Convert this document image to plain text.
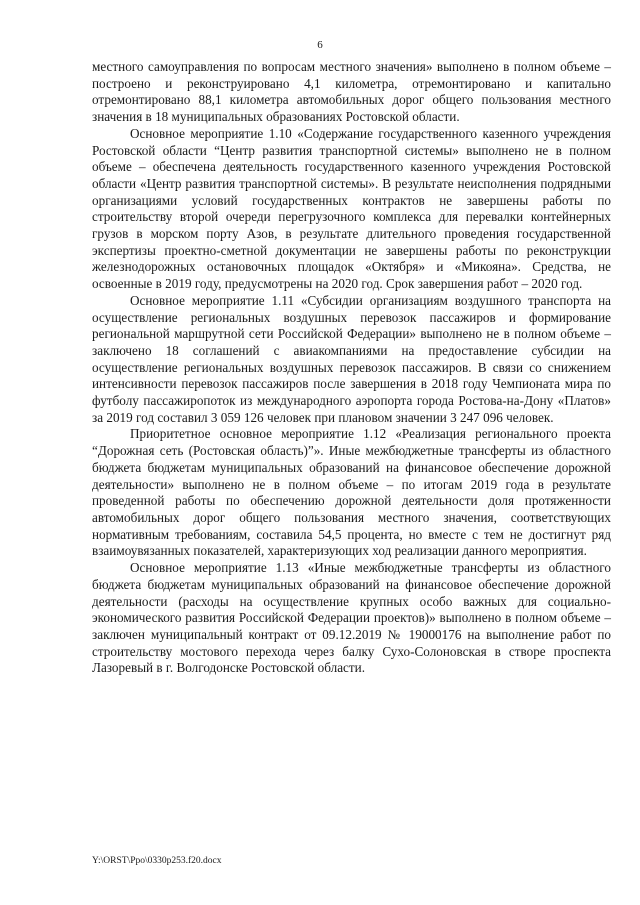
6

местного самоуправления по вопросам местного значения» выполнено в полном объеме – построено и реконструировано 4,1 километра, отремонтировано и капитально отремонтировано 88,1 километра автомобильных дорог общего пользования местного значения в 18 муниципальных образованиях Ростовской области.

Основное мероприятие 1.10 «Содержание государственного казенного учреждения Ростовской области “Центр развития транспортной системы» выполнено не в полном объеме – обеспечена деятельность государственного казенного учреждения Ростовской области «Центр развития транспортной системы». В результате неисполнения подрядными организациями условий государственных контрактов не завершены работы по строительству второй очереди перегрузочного комплекса для перевалки контейнерных грузов в морском порту Азов, в результате длительного проведения государственной экспертизы проектно-сметной документации не завершены работы по реконструкции железнодорожных остановочных площадок «Октября» и «Микояна». Средства, не освоенные в 2019 году, предусмотрены на 2020 год. Срок завершения работ – 2020 год.

Основное мероприятие 1.11 «Субсидии организациям воздушного транспорта на осуществление региональных воздушных перевозок пассажиров и формирование региональной маршрутной сети Российской Федерации» выполнено не в полном объеме – заключено 18 соглашений с авиакомпаниями на предоставление субсидии на осуществление региональных воздушных перевозок пассажиров. В связи со снижением интенсивности перевозок пассажиров после завершения в 2018 году Чемпионата мира по футболу пассажиропоток из международного аэропорта города Ростова-на-Дону «Платов» за 2019 год составил 3 059 126 человек при плановом значении 3 247 096 человек.

Приоритетное основное мероприятие 1.12 «Реализация регионального проекта “Дорожная сеть (Ростовская область)”». Иные межбюджетные трансферты из областного бюджета бюджетам муниципальных образований на финансовое обеспечение дорожной деятельности» выполнено не в полном объеме – по итогам 2019 года в результате проведенной работы по обеспечению дорожной деятельности доля протяженности автомобильных дорог общего пользования местного значения, соответствующих нормативным требованиям, составила 54,5 процента, но вместе с тем не достигнут ряд взаимоувязанных показателей, характеризующих ход реализации данного мероприятия.

Основное мероприятие 1.13 «Иные межбюджетные трансферты из областного бюджета бюджетам муниципальных образований на финансовое обеспечение дорожной деятельности (расходы на осуществление крупных особо важных для социально-экономического развития Российской Федерации проектов)» выполнено в полном объеме – заключен муниципальный контракт от 09.12.2019 № 19000176 на выполнение работ по строительству мостового перехода через балку Сухо-Солоновская в створе проспекта Лазоревый в г. Волгодонске Ростовской области.

Y:\ORST\Ppo\0330p253.f20.docx
